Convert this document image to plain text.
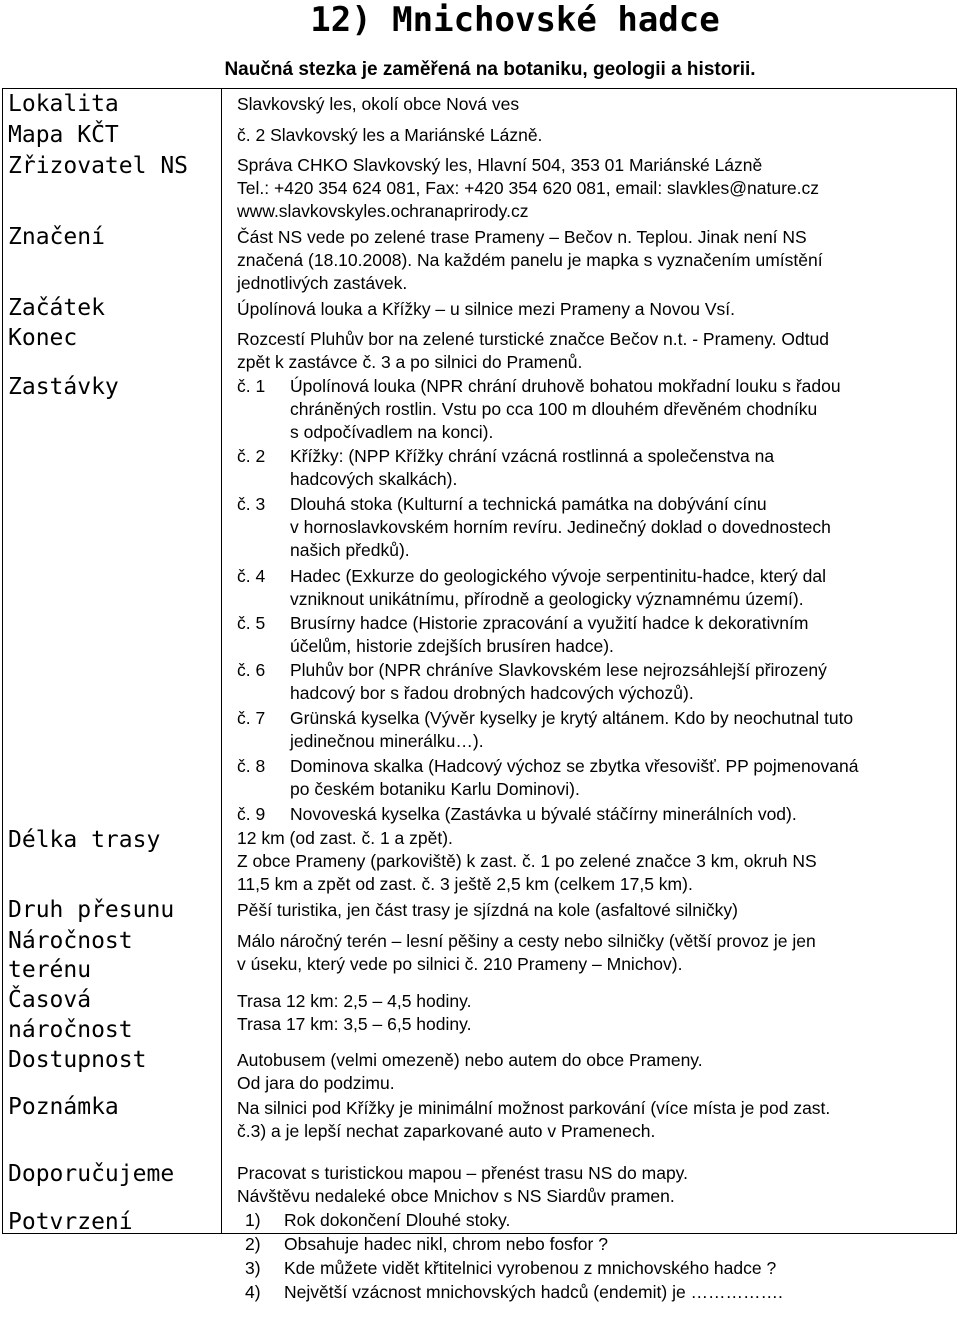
12) Mnichovské hadce
Naučná stezka je zaměřená na botaniku, geologii a historii.
Lokalita
Mapa KČT
Zřizovatel NS
Značení
Začátek
Konec
Zastávky
Délka trasy
Druh přesunu
Náročnost
terénu
Časová
náročnost
Dostupnost
Poznámka
Doporučujeme
Potvrzení
Slavkovský les, okolí obce Nová ves
č. 2 Slavkovský les a Mariánské Lázně.
Správa CHKO Slavkovský les, Hlavní 504, 353 01 Mariánské Lázně
Tel.: +420 354 624 081, Fax: +420 354 620 081, email: slavkles@nature.cz
www.slavkovskyles.ochranaprirody.cz
Část NS vede po zelené trase Prameny – Bečov n. Teplou. Jinak není NS
značená (18.10.2008). Na každém panelu je mapka s vyznačením umístění
jednotlivých zastávek.
Úpolínová louka a Křížky – u silnice mezi Prameny a Novou Vsí.
Rozcestí Pluhův bor na zelené turstické značce Bečov n.t. - Prameny. Odtud
zpět k zastávce č. 3 a po silnici do Pramenů.
č. 1 Úpolínová louka (NPR chrání druhově bohatou mokřadní louku s řadou
chráněných rostlin. Vstu po cca 100 m dlouhém dřevěném chodníku
s odpočívadlem na konci).
č. 2 Křížky: (NPP Křížky chrání vzácná rostlinná a společenstva na
hadcových skalkách).
č. 3 Dlouhá stoka (Kulturní a technická památka na dobývání cínu
v hornoslavkovském horním revíru. Jedinečný doklad o dovednostech
našich předků).
č. 4 Hadec (Exkurze do geologického vývoje serpentinitu-hadce, který dal
vzniknout unikátnímu, přírodně a geologicky významnému území).
č. 5 Brusírny hadce (Historie zpracování a využití hadce k dekorativním
účelům, historie zdejších brusíren hadce).
č. 6 Pluhův bor (NPR chráníve Slavkovském lese nejrozsáhlejší přirozený
hadcový bor s řadou drobných hadcových výchozů).
č. 7 Grünská kyselka (Vývěr kyselky je krytý altánem. Kdo by neochutnal tuto
jedinečnou minerálku…).
č. 8 Dominova skalka (Hadcový výchoz se zbytka vřesovišť. PP pojmenovaná
po českém botaniku Karlu Dominovi).
č. 9 Novoveská kyselka (Zastávka u bývalé stáčírny minerálních vod).
12 km (od zast. č. 1 a zpět).
Z obce Prameny (parkoviště) k zast. č. 1 po zelené značce 3 km, okruh NS
11,5 km a zpět od zast. č. 3 ještě 2,5 km (celkem 17,5 km).
Pěší turistika, jen část trasy je sjízdná na kole (asfaltové silničky)
Málo náročný terén – lesní pěšiny a cesty nebo silničky (větší provoz je jen
v úseku, který vede po silnici č. 210 Prameny – Mnichov).
Trasa 12 km: 2,5 – 4,5 hodiny.
Trasa 17 km: 3,5 – 6,5 hodiny.
Autobusem (velmi omezeně) nebo autem do obce Prameny.
Od jara do podzimu.
Na silnici pod Křížky je minimální možnost parkování (více místa je pod zast.
č.3) a je lepší nechat zaparkované auto v Pramenech.
Pracovat s turistickou mapou – přenést trasu NS do mapy.
Návštěvu nedaleké obce Mnichov s NS Siardův pramen.
1) Rok dokončení Dlouhé stoky.
2) Obsahuje hadec nikl, chrom nebo fosfor ?
3) Kde můžete vidět křtitelnici vyrobenou z mnichovského hadce ?
4) Největší vzácnost mnichovských hadců (endemit) je …………….
